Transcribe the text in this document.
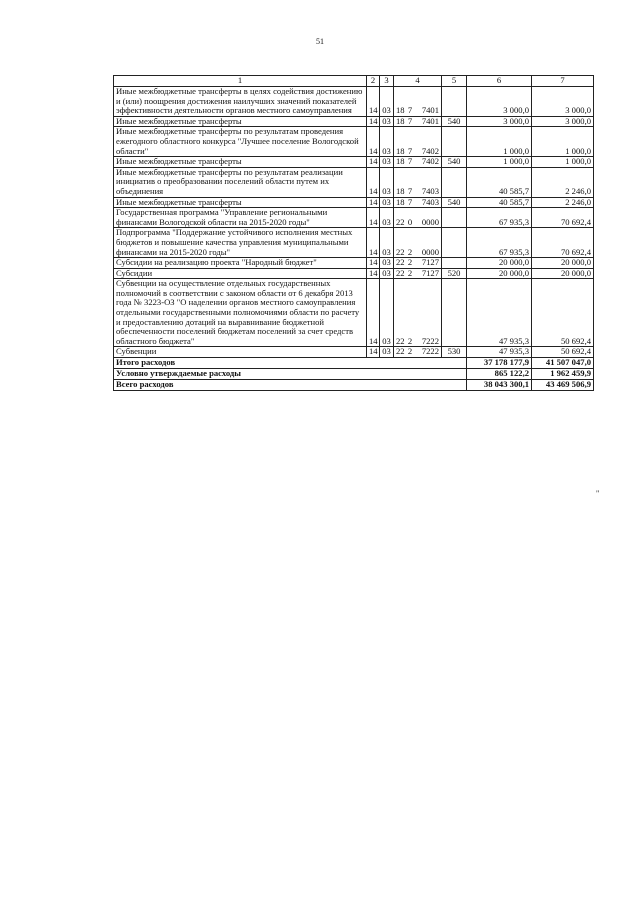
51
1	2	3	4			5	6	7
Иные межбюджетные трансферты в целях содействия достижению и (или) поощрения достижения наилучших значений показателей эффективности деятельности органов местного самоуправления	14	03	18	7	7401		3 000,0	3 000,0
Иные межбюджетные трансферты	14	03	18	7	7401	540	3 000,0	3 000,0
Иные межбюджетные трансферты по результатам проведения ежегодного областного конкурса "Лучшее поселение Вологодской области"	14	03	18	7	7402		1 000,0	1 000,0
Иные межбюджетные трансферты	14	03	18	7	7402	540	1 000,0	1 000,0
Иные межбюджетные трансферты по результатам реализации инициатив о преобразовании поселений области путем их объединения	14	03	18	7	7403		40 585,7	2 246,0
Иные межбюджетные трансферты	14	03	18	7	7403	540	40 585,7	2 246,0
Государственная программа "Управление региональными финансами Вологодской области на 2015-2020 годы"	14	03	22	0	0000		67 935,3	70 692,4
Подпрограмма "Поддержание устойчивого исполнения местных бюджетов и повышение качества управления муниципальными финансами на 2015-2020 годы"	14	03	22	2	0000		67 935,3	70 692,4
Субсидии на реализацию проекта "Народный бюджет"	14	03	22	2	7127		20 000,0	20 000,0
Субсидии	14	03	22	2	7127	520	20 000,0	20 000,0
Субвенции на осуществление отдельных государственных полномочий в соответствии с законом области от 6 декабря 2013 года № 3223-ОЗ "О наделении органов местного самоуправления отдельными государственными полномочиями области по расчету и предоставлению дотаций на выравнивание бюджетной обеспеченности поселений бюджетам поселений за счет средств областного бюджета"	14	03	22	2	7222		47 935,3	50 692,4
Субвенции	14	03	22	2	7222	530	47 935,3	50 692,4
Итого расходов							37 178 177,9	41 507 047,0
Условно утверждаемые расходы							865 122,2	1 962 459,9
Всего расходов							38 043 300,1	43 469 506,9
"
